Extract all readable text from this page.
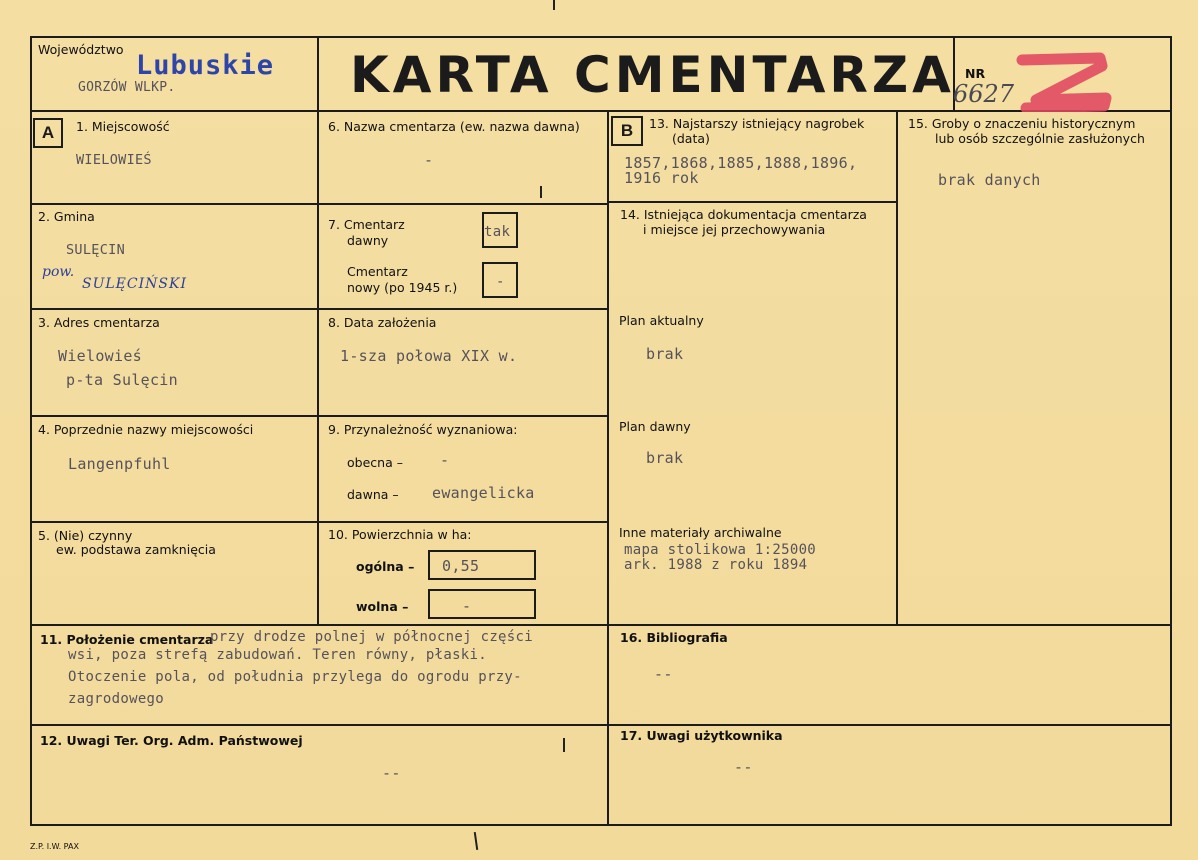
Województwo
Lubuskie
GORZÓW WLKP.	KARTA CMENTARZA NR
6627
A	B
1. Miejscowość
WIELOWIEŚ
2. Gmina
SULĘCIN
pow.
SULĘCIŃSKI
3. Adres cmentarza
Wielowieś
p-ta Sulęcin
4. Poprzednie nazwy miejscowości
Langenpfuhl
5. (Nie) czynny
ew. podstawa zamknięcia
6. Nazwa cmentarza (ew. nazwa dawna)
-
7. Cmentarz
dawny
tak
Cmentarz
nowy (po 1945 r.)	-
8. Data założenia
1-sza połowa XIX w.
9. Przynależność wyznaniowa:
obecna – -
dawna – ewangelicka
10. Powierzchnia w ha:
ogólna – 0,55
wolna –	-
11. Położenie cmentarza
przy drodze polnej w północnej części
wsi, poza strefą zabudowań. Teren równy, płaski.
Otoczenie pola, od południa przylega do ogrodu przy-
zagrodowego
12. Uwagi Ter. Org. Adm. Państwowej
--
13. Najstarszy istniejący nagrobek
(data)
1857,1868,1885,1888,1896,
1916 rok
14. Istniejąca dokumentacja cmentarza
i miejsce jej przechowywania
Plan aktualny
brak
Plan dawny
brak
Inne materiały archiwalne
mapa stolikowa 1:25000
ark. 1988 z roku 1894
15. Groby o znaczeniu historycznym
lub osób szczególnie zasłużonych
brak danych
16. Bibliografia
--
17. Uwagi użytkownika
--
Z.P. I.W. PAX
